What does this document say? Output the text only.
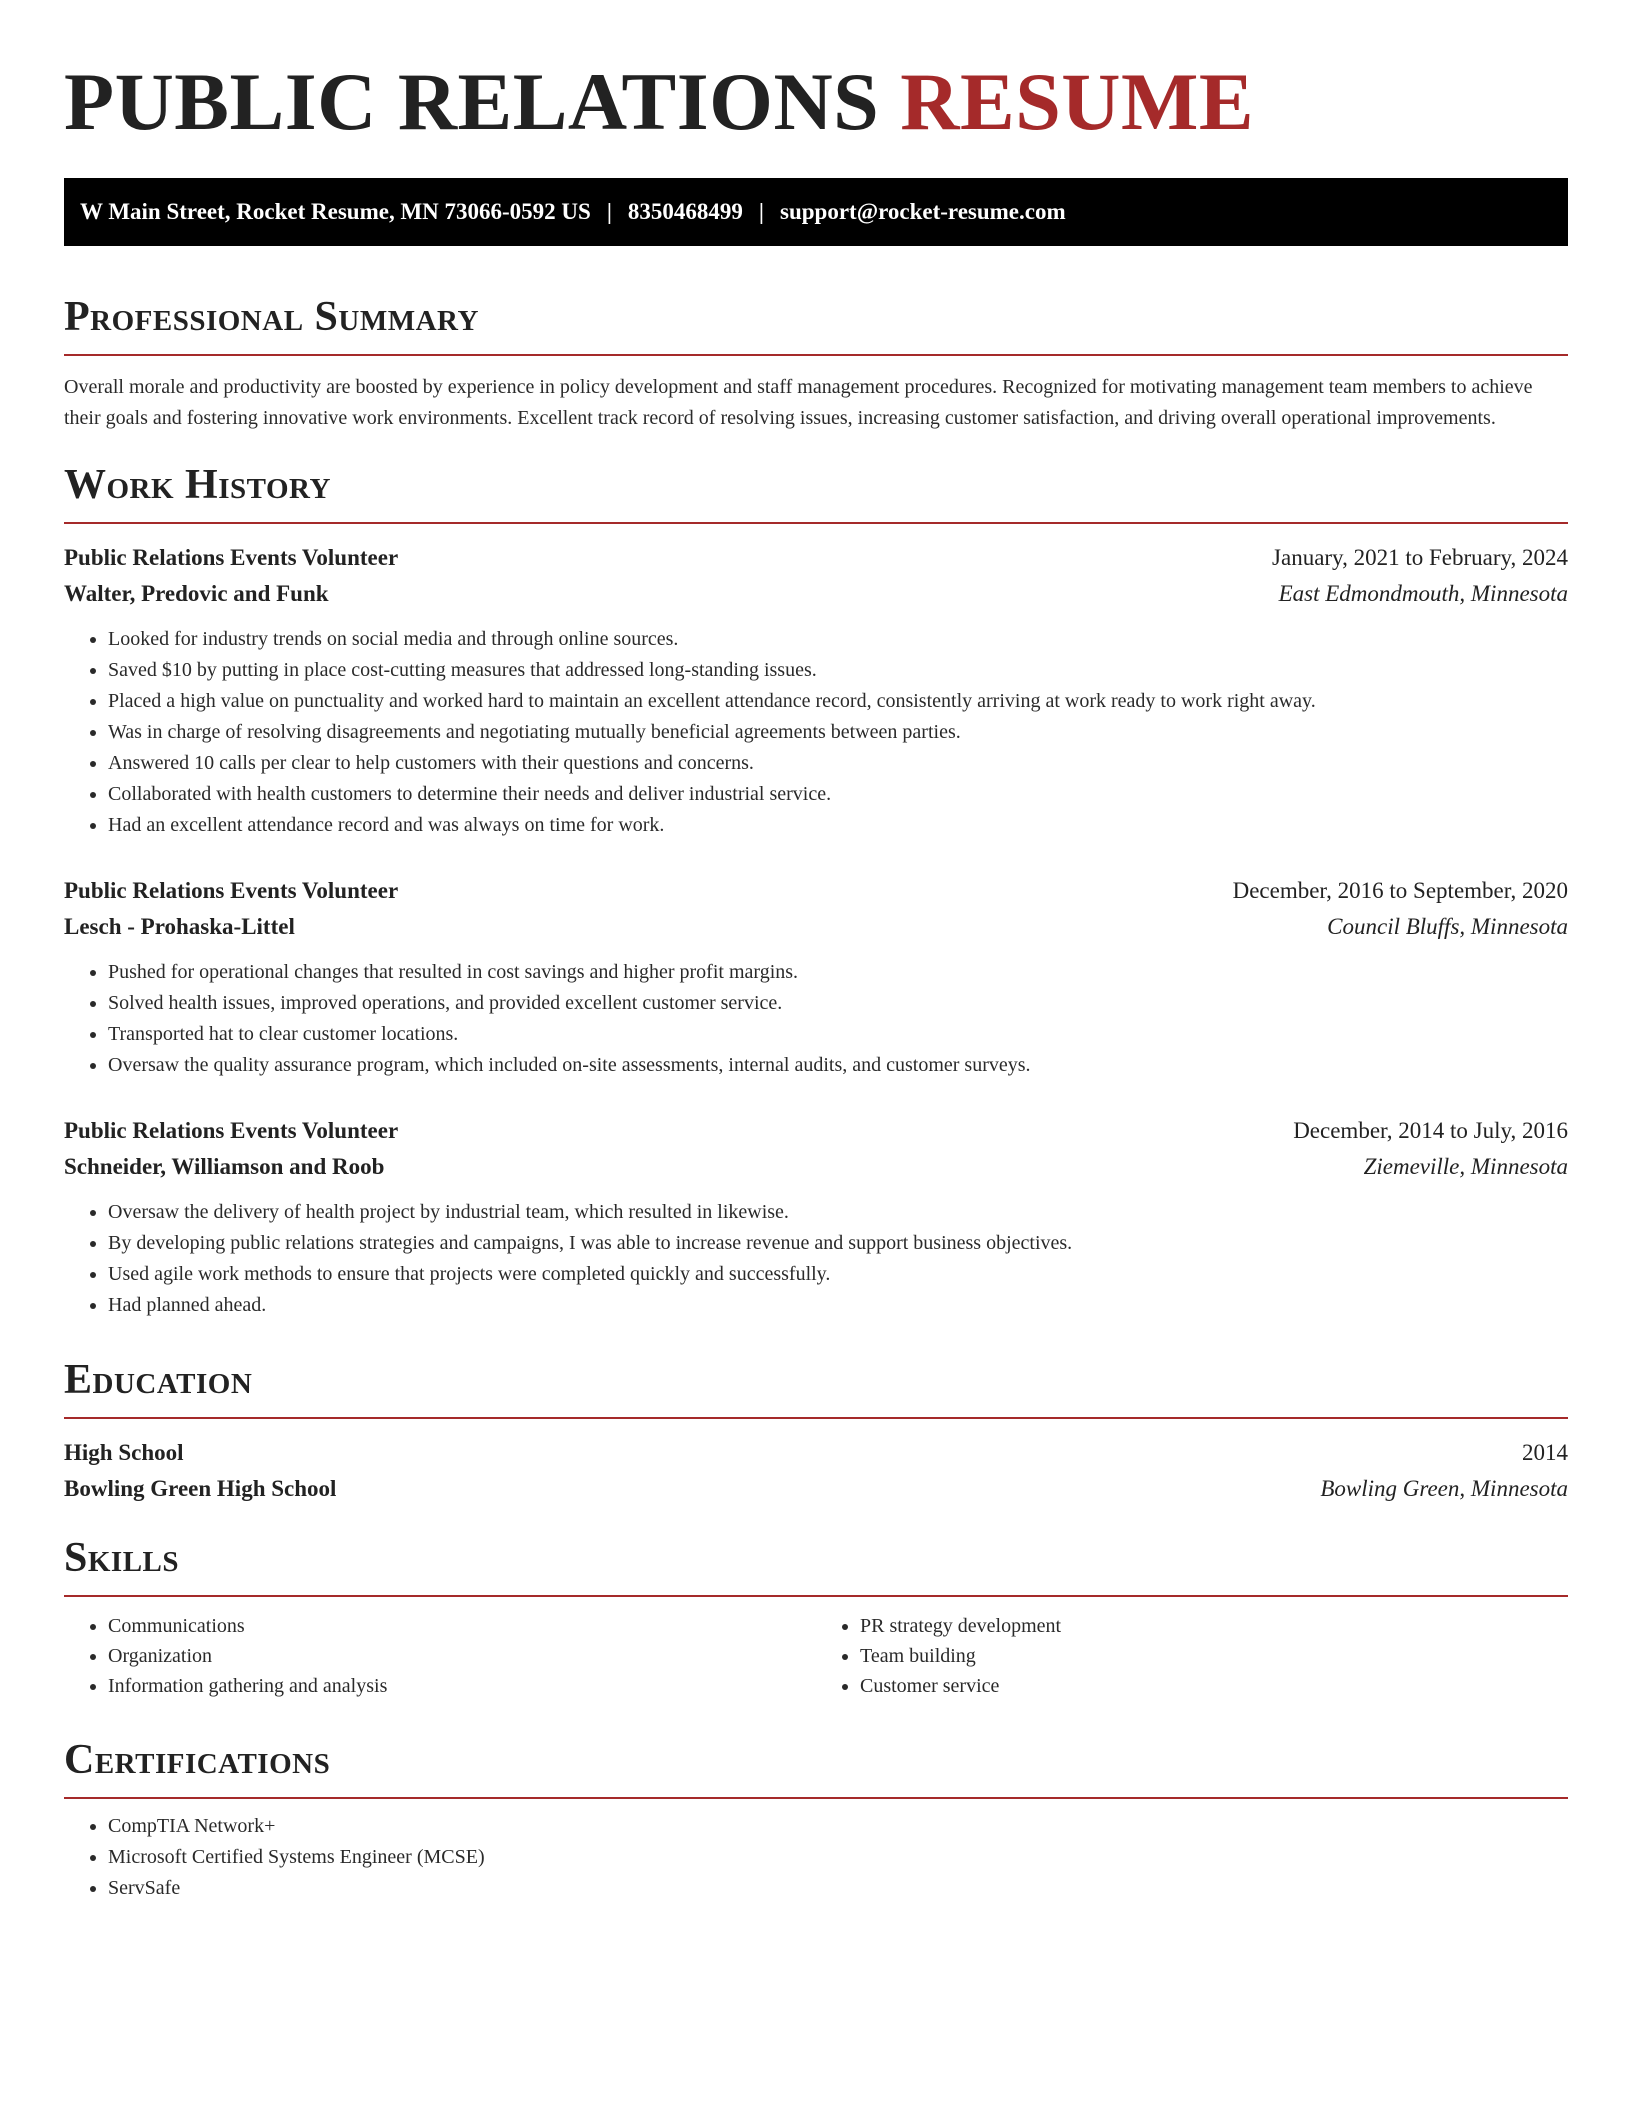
PUBLIC RELATIONS RESUME
W Main Street, Rocket Resume, MN 73066-0592 US | 8350468499 | support@rocket-resume.com
Professional Summary

Overall morale and productivity are boosted by experience in policy development and staff management procedures. Recognized for motivating management team members to achieve their goals and fostering innovative work environments. Excellent track record of resolving issues, increasing customer satisfaction, and driving overall operational improvements.

Work History
Public Relations Events Volunteer	January, 2021 to February, 2024
Walter, Predovic and Funk	East Edmondmouth, Minnesota
• Looked for industry trends on social media and through online sources.
• Saved $10 by putting in place cost-cutting measures that addressed long-standing issues.
• Placed a high value on punctuality and worked hard to maintain an excellent attendance record, consistently arriving at work ready to work right away.
• Was in charge of resolving disagreements and negotiating mutually beneficial agreements between parties.
• Answered 10 calls per clear to help customers with their questions and concerns.
• Collaborated with health customers to determine their needs and deliver industrial service.
• Had an excellent attendance record and was always on time for work.
Public Relations Events Volunteer	December, 2016 to September, 2020
Lesch - Prohaska-Littel	Council Bluffs, Minnesota
• Pushed for operational changes that resulted in cost savings and higher profit margins.
• Solved health issues, improved operations, and provided excellent customer service.
• Transported hat to clear customer locations.
• Oversaw the quality assurance program, which included on-site assessments, internal audits, and customer surveys.
Public Relations Events Volunteer	December, 2014 to July, 2016
Schneider, Williamson and Roob	Ziemeville, Minnesota
• Oversaw the delivery of health project by industrial team, which resulted in likewise.
• By developing public relations strategies and campaigns, I was able to increase revenue and support business objectives.
• Used agile work methods to ensure that projects were completed quickly and successfully.
• Had planned ahead.
Education
High School	2014
Bowling Green High School	Bowling Green, Minnesota
Skills
• Communications
• Organization
• Information gathering and analysis
• PR strategy development
• Team building
• Customer service
Certifications
• CompTIA Network+
• Microsoft Certified Systems Engineer (MCSE)
• ServSafe
